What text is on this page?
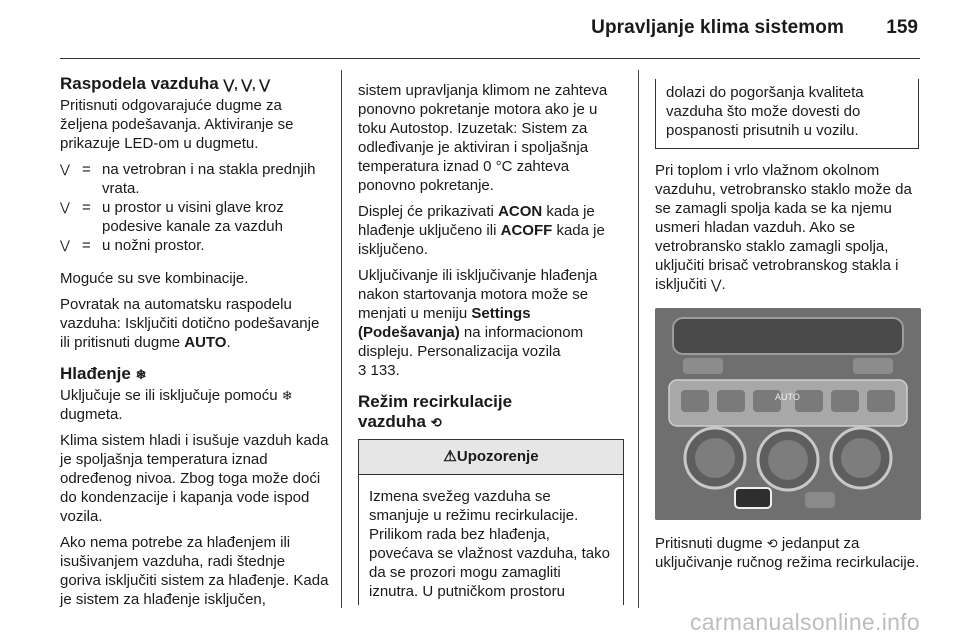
Upravljanje klima sistemom 159
Raspodela vazduha ⋁, ⋁, ⋁

Pritisnuti odgovarajuće dugme za željena podešavanja. Aktiviranje se prikazuje LED-om u dugmetu.

⋁ = na vetrobran i na stakla prednjih vrata.
⋁ = u prostor u visini glave kroz podesive kanale za vazduh
⋁ = u nožni prostor.

Moguće su sve kombinacije.

Povratak na automatsku raspodelu vazduha: Isključiti dotično podešavanje ili pritisnuti dugme AUTO.

Hlađenje ❄

Uključuje se ili isključuje pomoću ❄ dugmeta.

Klima sistem hladi i isušuje vazduh kada je spoljašnja temperatura iznad određenog nivoa. Zbog toga može doći do kondenzacije i kapanja vode ispod vozila.

Ako nema potrebe za hlađenjem ili isušivanjem vazduha, radi štednje goriva isključiti sistem za hlađenje. Kada je sistem za hlađenje isključen,

sistem upravljanja klimom ne zahteva ponovno pokretanje motora ako je u toku Autostop. Izuzetak: Sistem za odleđivanje je aktiviran i spoljašnja temperatura iznad 0 °C zahteva ponovno pokretanje.

Displej će prikazivati ACON kada je hlađenje uključeno ili ACOFF kada je isključeno.

Uključivanje ili isključivanje hlađenja nakon startovanja motora može se menjati u meniju Settings (Podešavanja) na informacionom displeju. Personalizacija vozila
3 133.

Režim recirkulacije vazduha ⟲
⚠Upozorenje
Izmena svežeg vazduha se smanjuje u režimu recirkulacije. Prilikom rada bez hlađenja, povećava se vlažnost vazduha, tako da se prozori mogu zamagliti iznutra. U putničkom prostoru
dolazi do pogoršanja kvaliteta vazduha što može dovesti do pospanosti prisutnih u vozilu.

Pri toplom i vrlo vlažnom okolnom vazduhu, vetrobransko staklo može da se zamagli spolja kada se ka njemu usmeri hladan vazduh. Ako se vetrobransko staklo zamagli spolja, uključiti brisač vetrobranskog stakla i isključiti ⋁.

AUTO

Pritisnuti dugme ⟲ jedanput za uključivanje ručnog režima recirkulacije.

carmanualsonline.info
